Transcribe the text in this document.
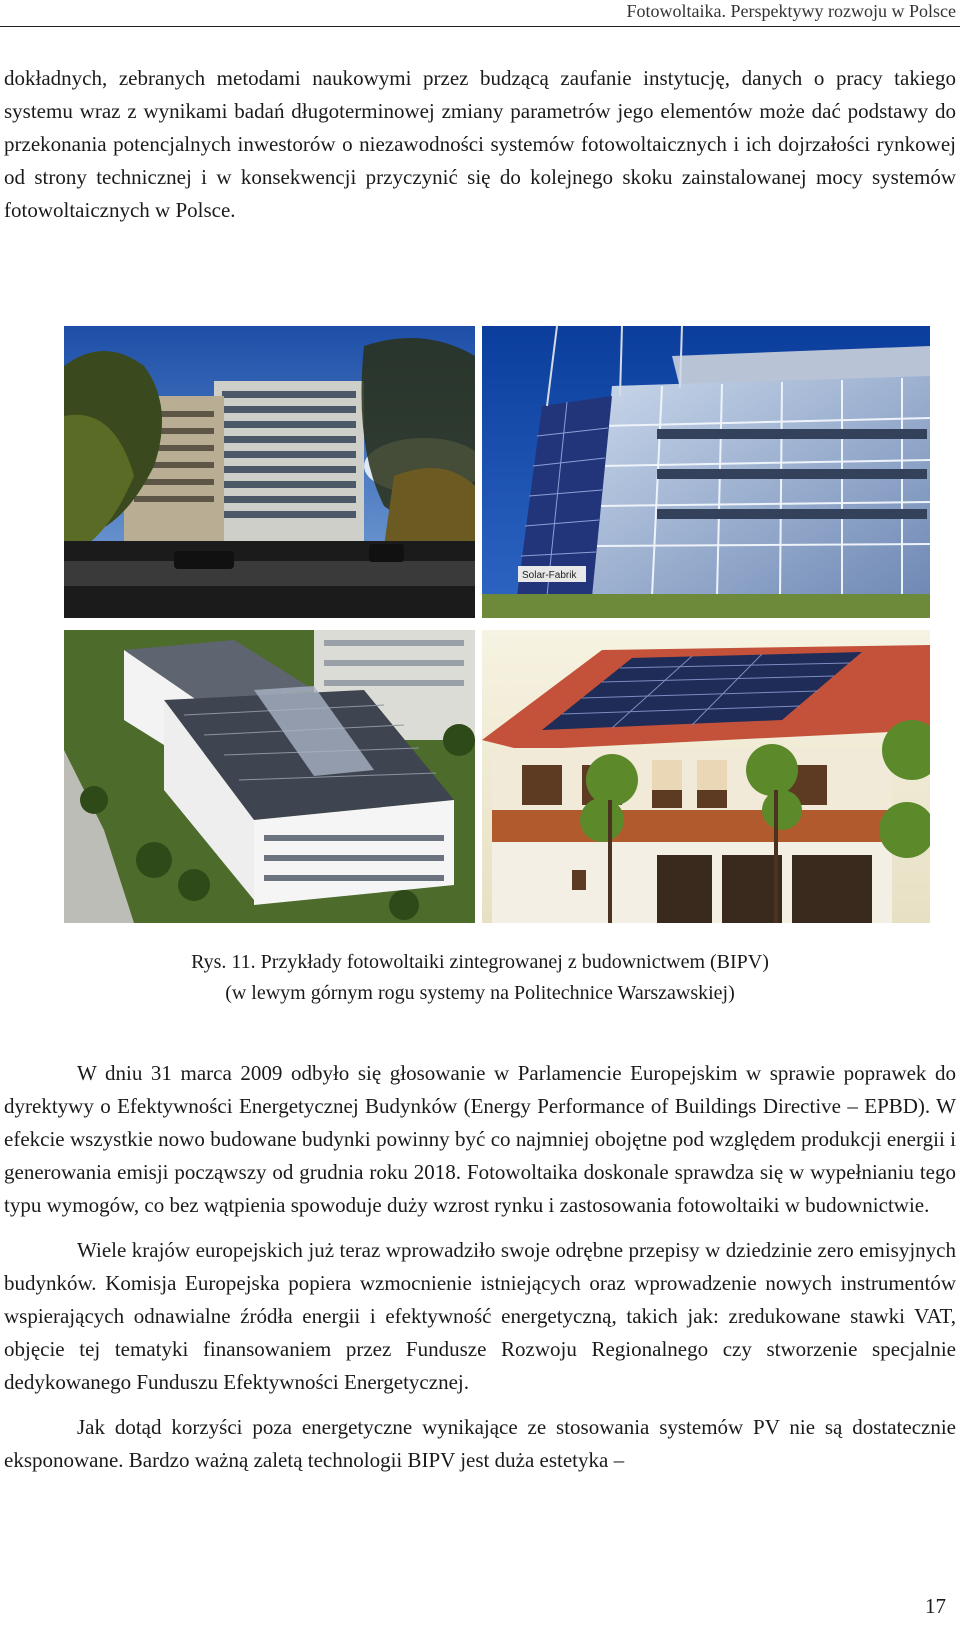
Fotowoltaika. Perspektywy rozwoju w Polsce

dokładnych, zebranych metodami naukowymi przez budzącą zaufanie instytucję, danych o pracy takiego systemu wraz z wynikami badań długoterminowej zmiany parametrów jego elementów może dać podstawy do przekonania potencjalnych inwestorów o niezawodności systemów fotowoltaicznych i ich dojrzałości rynkowej od strony technicznej i w konsekwencji przyczynić się do kolejnego skoku zainstalowanej mocy systemów fotowoltaicznych w Polsce.

Solar-Fabrik
Rys. 11. Przykłady fotowoltaiki zintegrowanej z budownictwem (BIPV)
(w lewym górnym rogu systemy na Politechnice Warszawskiej)

W dniu 31 marca 2009 odbyło się głosowanie w Parlamencie Europejskim w sprawie poprawek do dyrektywy o Efektywności Energetycznej Budynków (Energy Performance of Buildings Directive – EPBD). W efekcie wszystkie nowo budowane budynki powinny być co najmniej obojętne pod względem produkcji energii i generowania emisji począwszy od grudnia roku 2018. Fotowoltaika doskonale sprawdza się w wypełnianiu tego typu wymogów, co bez wątpienia spowoduje duży wzrost rynku i zastosowania fotowoltaiki w budownictwie.

Wiele krajów europejskich już teraz wprowadziło swoje odrębne przepisy w dziedzinie zero emisyjnych budynków. Komisja Europejska popiera wzmocnienie istniejących oraz wprowadzenie nowych instrumentów wspierających odnawialne źródła energii i efektywność energetyczną, takich jak: zredukowane stawki VAT, objęcie tej tematyki finansowaniem przez Fundusze Rozwoju Regionalnego czy stworzenie specjalnie dedykowanego Funduszu Efektywności Energetycznej.

Jak dotąd korzyści poza energetyczne wynikające ze stosowania systemów PV nie są dostatecznie eksponowane. Bardzo ważną zaletą technologii BIPV jest duża estetyka –

17
